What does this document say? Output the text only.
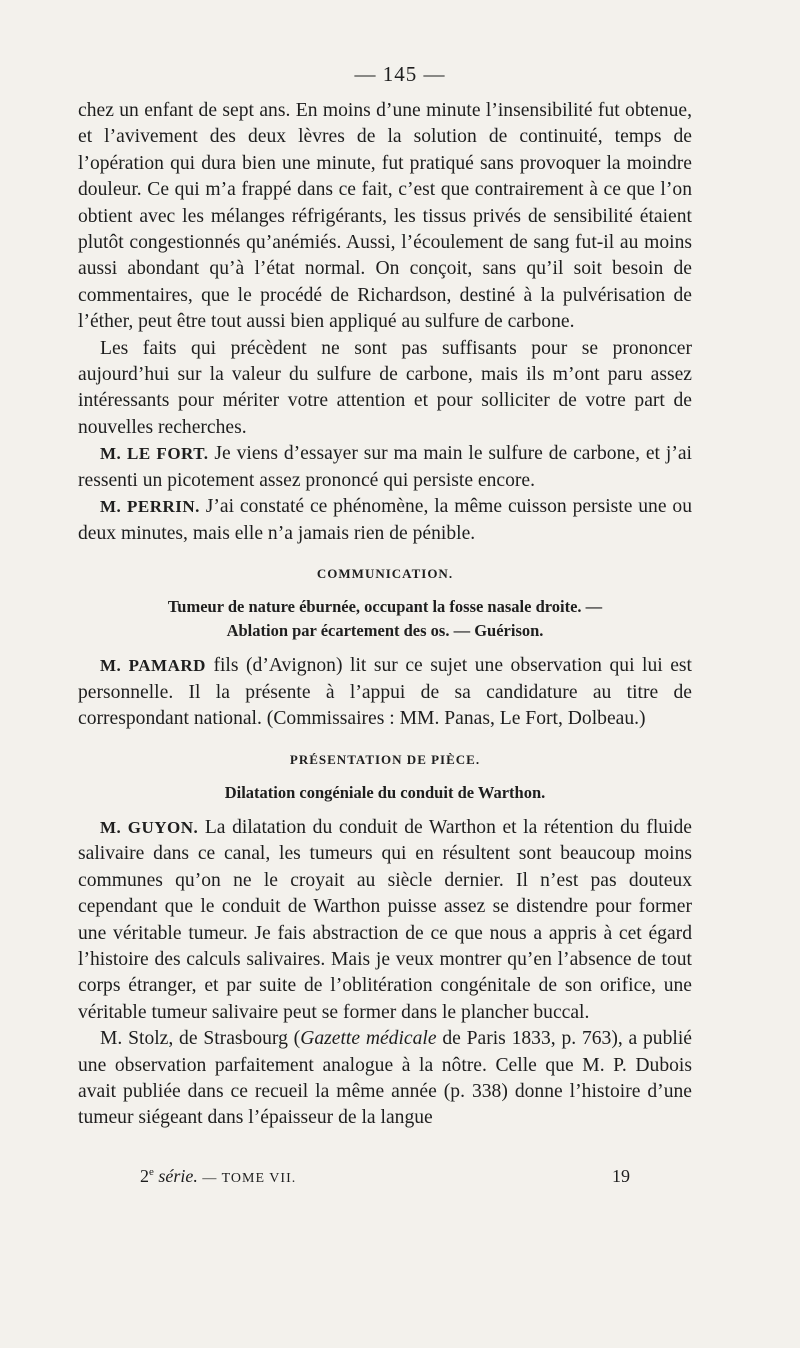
— 145 —

chez un enfant de sept ans. En moins d’une minute l’insensibilité fut obtenue, et l’avivement des deux lèvres de la solution de continuité, temps de l’opération qui dura bien une minute, fut pratiqué sans provoquer la moindre douleur. Ce qui m’a frappé dans ce fait, c’est que contrairement à ce que l’on obtient avec les mélanges réfrigérants, les tissus privés de sensibilité étaient plutôt congestionnés qu’anémiés. Aussi, l’écoulement de sang fut-il au moins aussi abondant qu’à l’état normal. On conçoit, sans qu’il soit besoin de commentaires, que le procédé de Richardson, destiné à la pulvérisation de l’éther, peut être tout aussi bien appliqué au sulfure de carbone.

Les faits qui précèdent ne sont pas suffisants pour se prononcer aujourd’hui sur la valeur du sulfure de carbone, mais ils m’ont paru assez intéressants pour mériter votre attention et pour solliciter de votre part de nouvelles recherches.

M. LE FORT. Je viens d’essayer sur ma main le sulfure de carbone, et j’ai ressenti un picotement assez prononcé qui persiste encore.

M. PERRIN. J’ai constaté ce phénomène, la même cuisson persiste une ou deux minutes, mais elle n’a jamais rien de pénible.

COMMUNICATION.
Tumeur de nature éburnée, occupant la fosse nasale droite. —
Ablation par écartement des os. — Guérison.

M. PAMARD fils (d’Avignon) lit sur ce sujet une observation qui lui est personnelle. Il la présente à l’appui de sa candidature au titre de correspondant national. (Commissaires : MM. Panas, Le Fort, Dolbeau.)

PRÉSENTATION DE PIÈCE.
Dilatation congéniale du conduit de Warthon.

M. GUYON. La dilatation du conduit de Warthon et la rétention du fluide salivaire dans ce canal, les tumeurs qui en résultent sont beaucoup moins communes qu’on ne le croyait au siècle dernier. Il n’est pas douteux cependant que le conduit de Warthon puisse assez se distendre pour former une véritable tumeur. Je fais abstraction de ce que nous a appris à cet égard l’histoire des calculs salivaires. Mais je veux montrer qu’en l’absence de tout corps étranger, et par suite de l’oblitération congénitale de son orifice, une véritable tumeur salivaire peut se former dans le plancher buccal.

M. Stolz, de Strasbourg (Gazette médicale de Paris 1833, p. 763), a publié une observation parfaitement analogue à la nôtre. Celle que M. P. Dubois avait publiée dans ce recueil la même année (p. 338) donne l’histoire d’une tumeur siégeant dans l’épaisseur de la langue

2e série. — TOME VII.	19
